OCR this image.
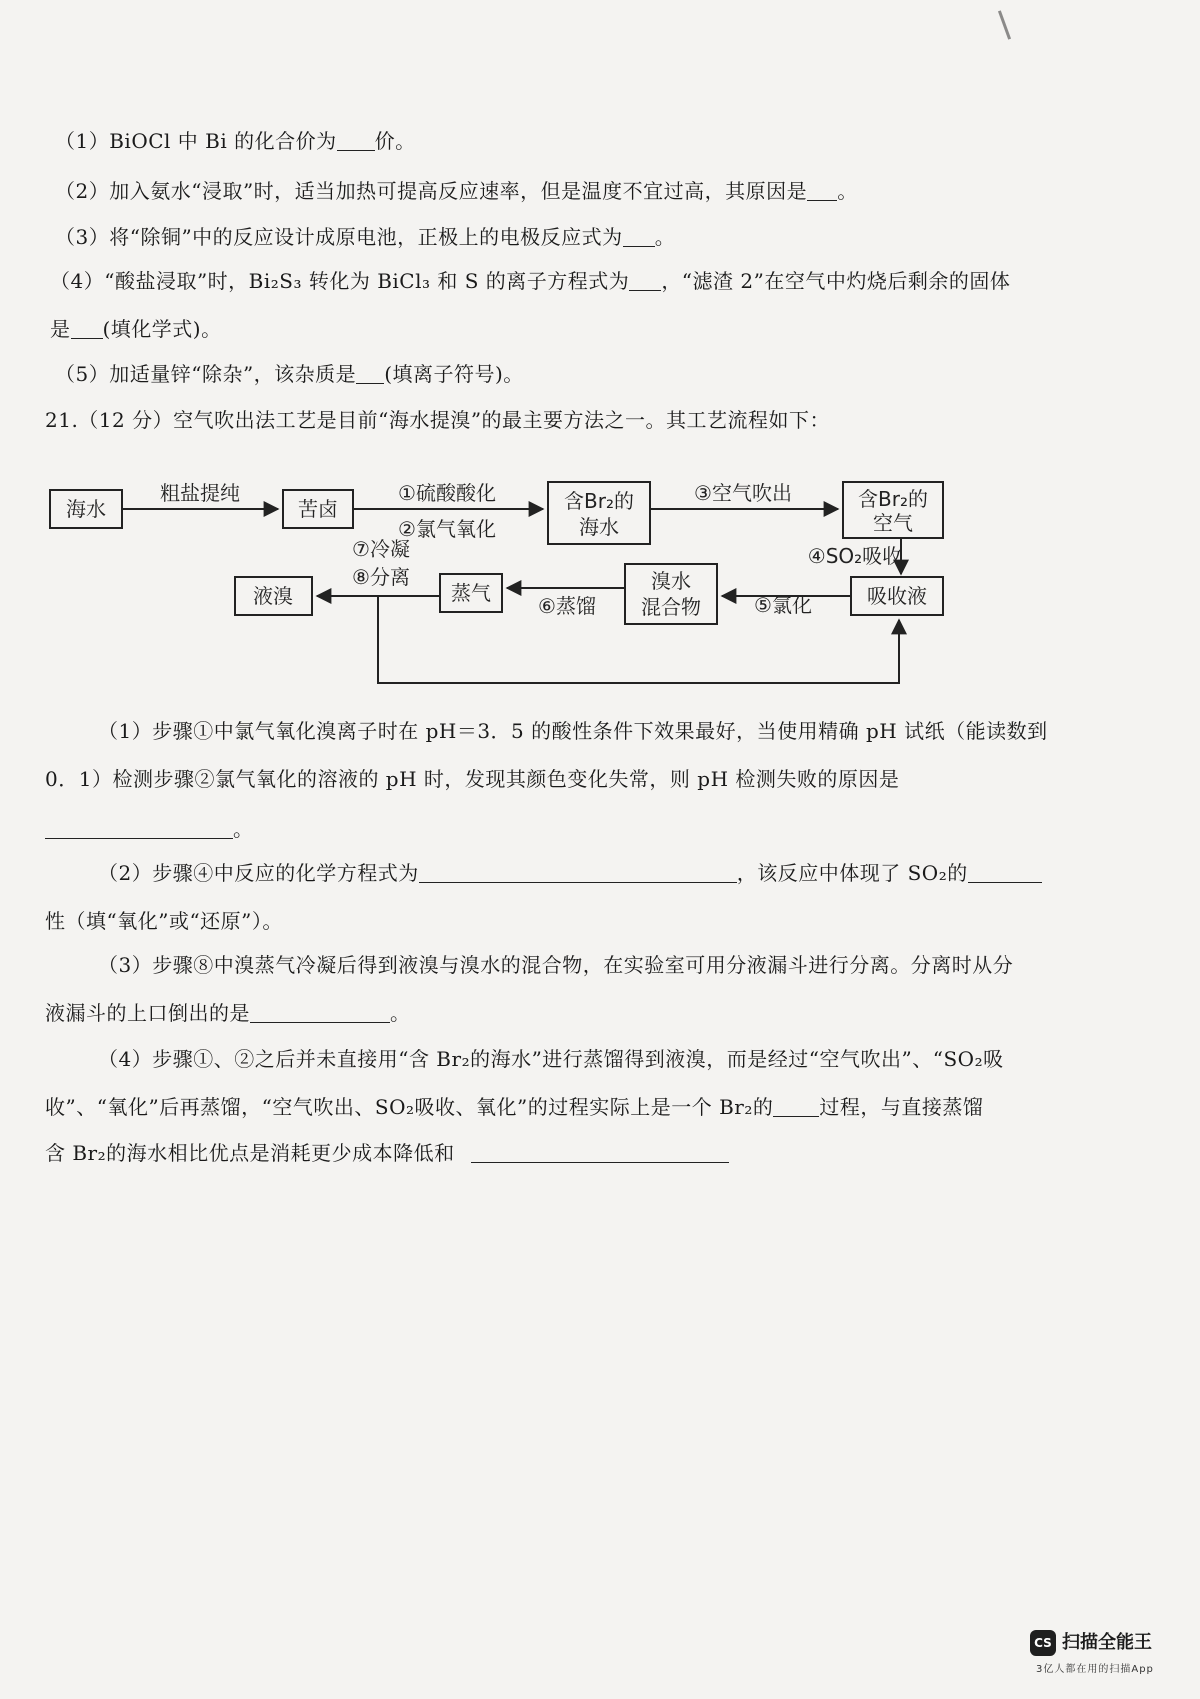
（1）BiOCl 中 Bi 的化合价为 价。
（2）加入氨水“浸取”时，适当加热可提高反应速率，但是温度不宜过高，其原因是 。
（3）将“除铜”中的反应设计成原电池，正极上的电极反应式为 。
（4）“酸盐浸取”时，Bi₂S₃ 转化为 BiCl₃ 和 S 的离子方程式为 ，“滤渣 2”在空气中灼烧后剩余的固体
是 (填化学式)。
（5）加适量锌“除杂”，该杂质是 (填离子符号)。
21.（12 分）空气吹出法工艺是目前“海水提溴”的最主要方法之一。其工艺流程如下：
海水
粗盐提纯
苦卤
①硫酸酸化
②氯气氧化
含Br₂的
海水
③空气吹出	含Br₂的
空气
④SO₂吸收
吸收液
⑤氯化
溴水
混合物
⑥蒸馏
蒸气
⑦冷凝
⑧分离
液溴
（1）步骤①中氯气氧化溴离子时在 pH＝3．5 的酸性条件下效果最好，当使用精确 pH 试纸（能读数到
0．1）检测步骤②氯气氧化的溶液的 pH 时，发现其颜色变化失常，则 pH 检测失败的原因是
。
（2）步骤④中反应的化学方程式为	，该反应中体现了 SO₂的
性（填“氧化”或“还原”）。
（3）步骤⑧中溴蒸气冷凝后得到液溴与溴水的混合物，在实验室可用分液漏斗进行分离。分离时从分
液漏斗的上口倒出的是	。
（4）步骤①、②之后并未直接用“含 Br₂的海水”进行蒸馏得到液溴，而是经过“空气吹出”、“SO₂吸
收”、“氧化”后再蒸馏，“空气吹出、SO₂吸收、氧化”的过程实际上是一个 Br₂的 过程，与直接蒸馏
含 Br₂的海水相比优点是消耗更少成本降低和
CS 扫描全能王
3亿人都在用的扫描App
